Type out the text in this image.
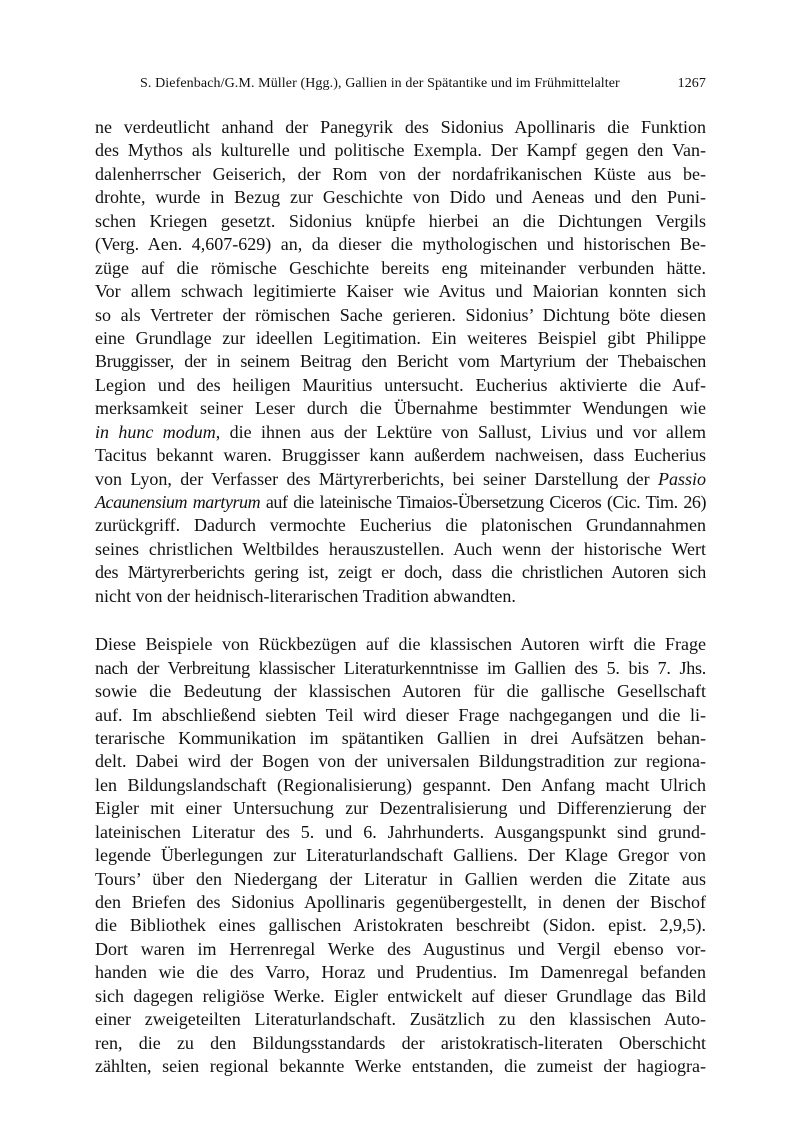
S. Diefenbach/G.M. Müller (Hgg.), Gallien in der Spätantike und im Frühmittelalter	1267
ne verdeutlicht anhand der Panegyrik des Sidonius Apollinaris die Funktion
des Mythos als kulturelle und politische Exempla. Der Kampf gegen den Van-
dalenherrscher Geiserich, der Rom von der nordafrikanischen Küste aus be-
drohte, wurde in Bezug zur Geschichte von Dido und Aeneas und den Puni-
schen Kriegen gesetzt. Sidonius knüpfe hierbei an die Dichtungen Vergils
(Verg. Aen. 4,607-629) an, da dieser die mythologischen und historischen Be-
züge auf die römische Geschichte bereits eng miteinander verbunden hätte.
Vor allem schwach legitimierte Kaiser wie Avitus und Maiorian konnten sich
so als Vertreter der römischen Sache gerieren. Sidonius’ Dichtung böte diesen
eine Grundlage zur ideellen Legitimation. Ein weiteres Beispiel gibt Philippe
Bruggisser, der in seinem Beitrag den Bericht vom Martyrium der Thebaischen
Legion und des heiligen Mauritius untersucht. Eucherius aktivierte die Auf-
merksamkeit seiner Leser durch die Übernahme bestimmter Wendungen wie
in hunc modum, die ihnen aus der Lektüre von Sallust, Livius und vor allem
Tacitus bekannt waren. Bruggisser kann außerdem nachweisen, dass Eucherius
von Lyon, der Verfasser des Märtyrerberichts, bei seiner Darstellung der Passio
Acaunensium martyrum auf die lateinische Timaios-Übersetzung Ciceros (Cic. Tim. 26)
zurückgriff. Dadurch vermochte Eucherius die platonischen Grundannahmen
seines christlichen Weltbildes herauszustellen. Auch wenn der historische Wert
des Märtyrerberichts gering ist, zeigt er doch, dass die christlichen Autoren sich
nicht von der heidnisch-literarischen Tradition abwandten.
Diese Beispiele von Rückbezügen auf die klassischen Autoren wirft die Frage
nach der Verbreitung klassischer Literaturkenntnisse im Gallien des 5. bis 7. Jhs.
sowie die Bedeutung der klassischen Autoren für die gallische Gesellschaft
auf. Im abschließend siebten Teil wird dieser Frage nachgegangen und die li-
terarische Kommunikation im spätantiken Gallien in drei Aufsätzen behan-
delt. Dabei wird der Bogen von der universalen Bildungstradition zur regiona-
len Bildungslandschaft (Regionalisierung) gespannt. Den Anfang macht Ulrich
Eigler mit einer Untersuchung zur Dezentralisierung und Differenzierung der
lateinischen Literatur des 5. und 6. Jahrhunderts. Ausgangspunkt sind grund-
legende Überlegungen zur Literaturlandschaft Galliens. Der Klage Gregor von
Tours’ über den Niedergang der Literatur in Gallien werden die Zitate aus
den Briefen des Sidonius Apollinaris gegenübergestellt, in denen der Bischof
die Bibliothek eines gallischen Aristokraten beschreibt (Sidon. epist. 2,9,5).
Dort waren im Herrenregal Werke des Augustinus und Vergil ebenso vor-
handen wie die des Varro, Horaz und Prudentius. Im Damenregal befanden
sich dagegen religiöse Werke. Eigler entwickelt auf dieser Grundlage das Bild
einer zweigeteilten Literaturlandschaft. Zusätzlich zu den klassischen Auto-
ren, die zu den Bildungsstandards der aristokratisch-literaten Oberschicht
zählten, seien regional bekannte Werke entstanden, die zumeist der hagiogra-
